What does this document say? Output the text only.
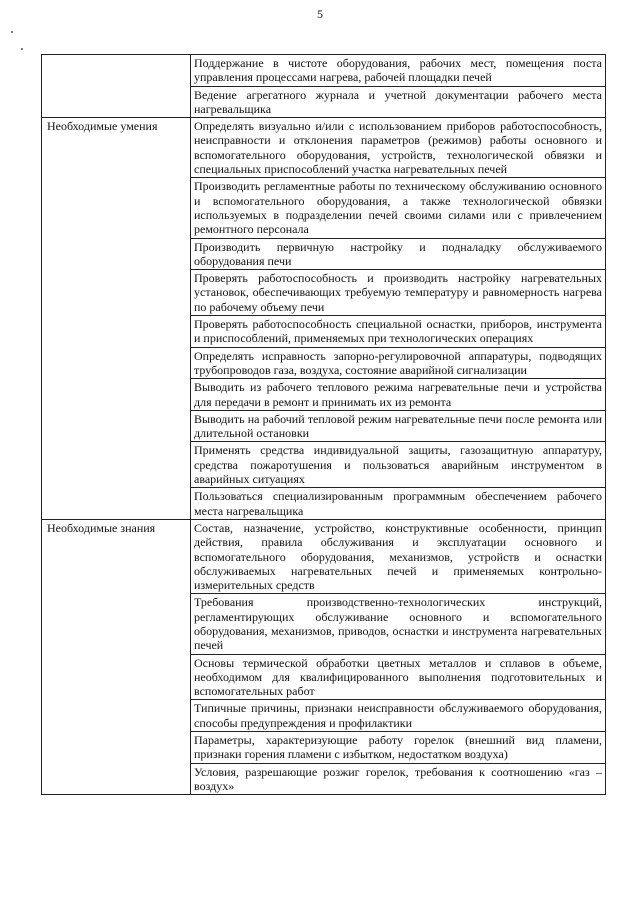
5
	Поддержание в чистоте оборудования, рабочих мест, помещения поста управления процессами нагрева, рабочей площадки печей
	Ведение агрегатного журнала и учетной документации рабочего места нагревальщика
Необходимые умения	Определять визуально и/или с использованием приборов работоспособность, неисправности и отклонения параметров (режимов) работы основного и вспомогательного оборудования, устройств, технологической обвязки и специальных приспособлений участка нагревательных печей
	Производить регламентные работы по техническому обслуживанию основного и вспомогательного оборудования, а также технологической обвязки используемых в подразделении печей своими силами или с привлечением ремонтного персонала
	Производить первичную настройку и подналадку обслуживаемого оборудования печи
	Проверять работоспособность и производить настройку нагревательных установок, обеспечивающих требуемую температуру и равномерность нагрева по рабочему объему печи
	Проверять работоспособность специальной оснастки, приборов, инструмента и приспособлений, применяемых при технологических операциях
	Определять исправность запорно-регулировочной аппаратуры, подводящих трубопроводов газа, воздуха, состояние аварийной сигнализации
	Выводить из рабочего теплового режима нагревательные печи и устройства для передачи в ремонт и принимать их из ремонта
	Выводить на рабочий тепловой режим нагревательные печи после ремонта или длительной остановки
	Применять средства индивидуальной защиты, газозащитную аппаратуру, средства пожаротушения и пользоваться аварийным инструментом в аварийных ситуациях
	Пользоваться специализированным программным обеспечением рабочего места нагревальщика
Необходимые знания	Состав, назначение, устройство, конструктивные особенности, принцип действия, правила обслуживания и эксплуатации основного и вспомогательного оборудования, механизмов, устройств и оснастки обслуживаемых нагревательных печей и применяемых контрольно-измерительных средств
	Требования производственно-технологических инструкций, регламентирующих обслуживание основного и вспомогательного оборудования, механизмов, приводов, оснастки и инструмента нагревательных печей
	Основы термической обработки цветных металлов и сплавов в объеме, необходимом для квалифицированного выполнения подготовительных и вспомогательных работ
	Типичные причины, признаки неисправности обслуживаемого оборудования, способы предупреждения и профилактики
	Параметры, характеризующие работу горелок (внешний вид пламени, признаки горения пламени с избытком, недостатком воздуха)
	Условия, разрешающие розжиг горелок, требования к соотношению «газ – воздух»
